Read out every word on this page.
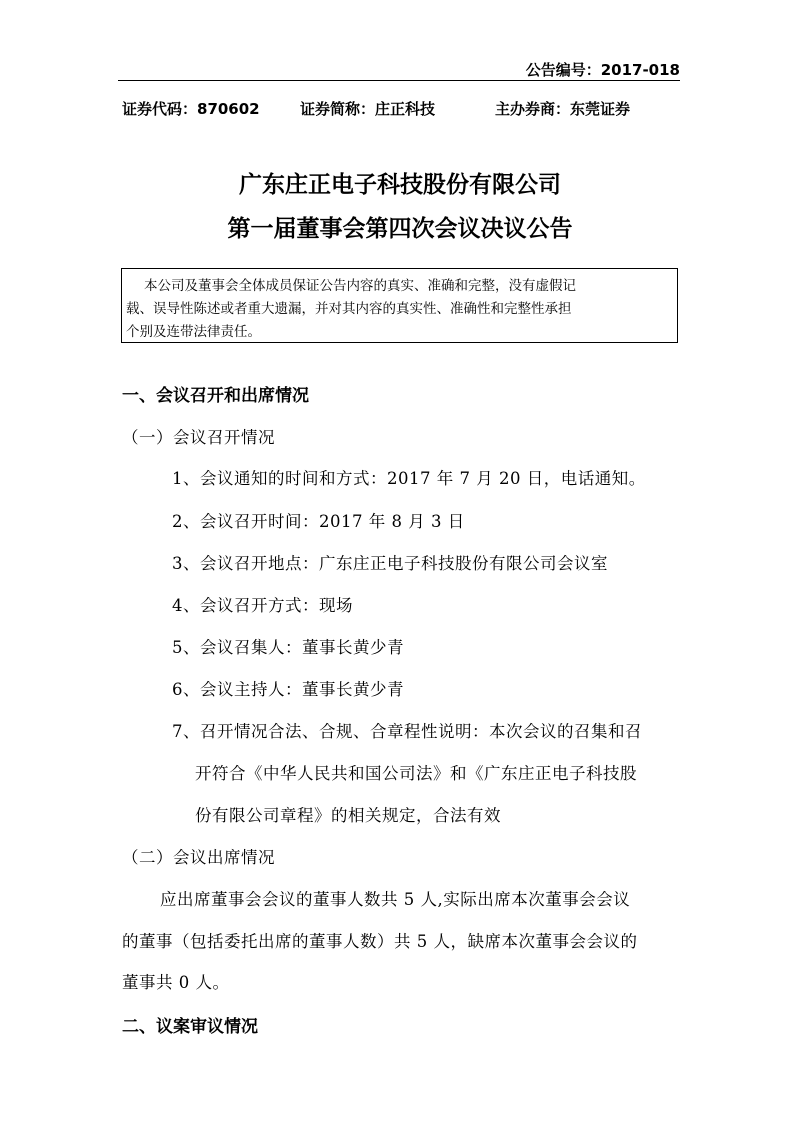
公告编号：2017-018
证券代码：870602	证券简称：庄正科技	主办券商：东莞证券
广东庄正电子科技股份有限公司
第一届董事会第四次会议决议公告
本公司及董事会全体成员保证公告内容的真实、准确和完整，没有虚假记
载、误导性陈述或者重大遗漏，并对其内容的真实性、准确性和完整性承担
个别及连带法律责任。
一、会议召开和出席情况
（一）会议召开情况
1、会议通知的时间和方式：2017 年 7 月 20 日，电话通知。
2、会议召开时间：2017 年 8 月 3 日
3、会议召开地点：广东庄正电子科技股份有限公司会议室
4、会议召开方式：现场
5、会议召集人：董事长黄少青
6、会议主持人：董事长黄少青
7、召开情况合法、合规、合章程性说明：本次会议的召集和召
开符合《中华人民共和国公司法》和《广东庄正电子科技股
份有限公司章程》的相关规定，合法有效
（二）会议出席情况
应出席董事会会议的董事人数共 5 人,实际出席本次董事会会议
的董事（包括委托出席的董事人数）共 5 人，缺席本次董事会会议的
董事共 0 人。
二、议案审议情况
